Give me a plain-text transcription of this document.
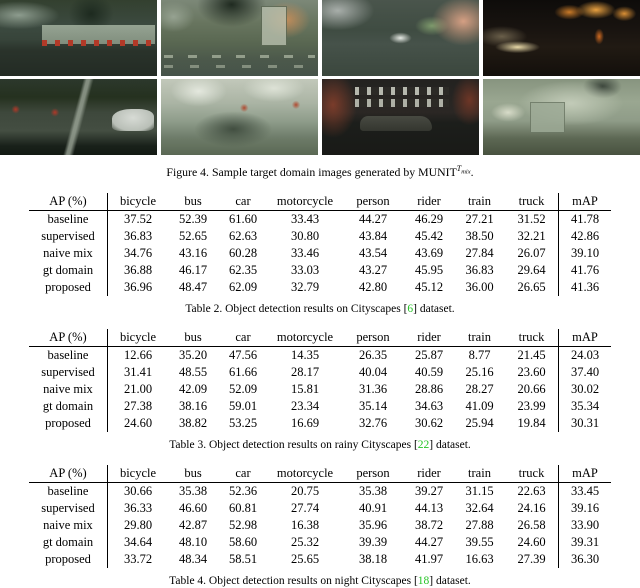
Figure 4. Sample target domain images generated by $MUNIT^{T_{mix}}$.
AP (%)	bicycle	bus	car	motorcycle	person	rider	train	truck	mAP
baseline	37.52	52.39	61.60	33.43	44.27	46.29	27.21	31.52	41.78
supervised	36.83	52.65	62.63	30.80	43.84	45.42	38.50	32.21	42.86
naive mix	34.76	43.16	60.28	33.46	43.54	43.69	27.84	26.07	39.10
gt domain	36.88	46.17	62.35	33.03	43.27	45.95	36.83	29.64	41.76
proposed	36.96	48.47	62.09	32.79	42.80	45.12	36.00	26.65	41.36
Table 2. Object detection results on Cityscapes [6] dataset.
AP (%)	bicycle	bus	car	motorcycle	person	rider	train	truck	mAP
baseline	12.66	35.20	47.56	14.35	26.35	25.87	8.77	21.45	24.03
supervised	31.41	48.55	61.66	28.17	40.04	40.59	25.16	23.60	37.40
naive mix	21.00	42.09	52.09	15.81	31.36	28.86	28.27	20.66	30.02
gt domain	27.38	38.16	59.01	23.34	35.14	34.63	41.09	23.99	35.34
proposed	24.60	38.82	53.25	16.69	32.76	30.62	25.94	19.84	30.31
Table 3. Object detection results on rainy Cityscapes [22] dataset.
AP (%)	bicycle	bus	car	motorcycle	person	rider	train	truck	mAP
baseline	30.66	35.38	52.36	20.75	35.38	39.27	31.15	22.63	33.45
supervised	36.33	46.60	60.81	27.74	40.91	44.13	32.64	24.16	39.16
naive mix	29.80	42.87	52.98	16.38	35.96	38.72	27.88	26.58	33.90
gt domain	34.64	48.10	58.60	25.32	39.39	44.27	39.55	24.60	39.31
proposed	33.72	48.34	58.51	25.65	38.18	41.97	16.63	27.39	36.30
Table 4. Object detection results on night Cityscapes [18] dataset.
